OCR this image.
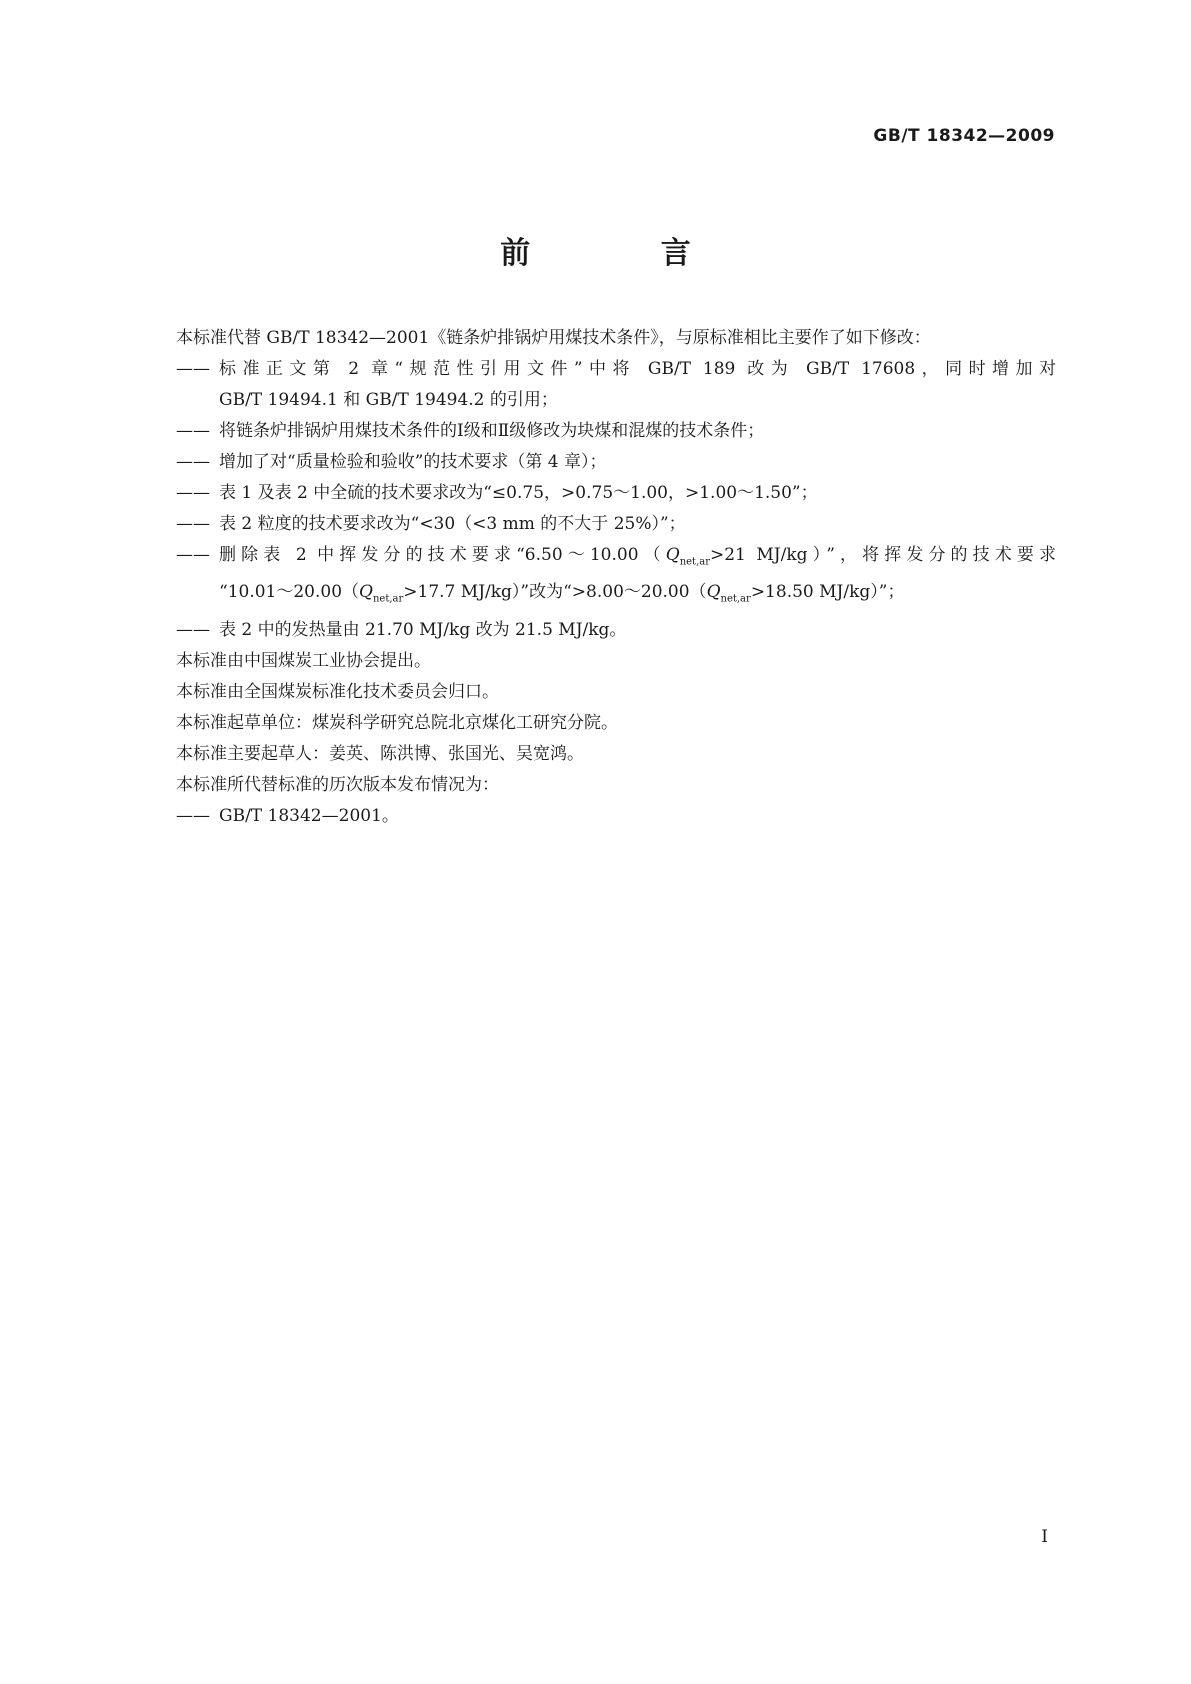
GB/T 18342—2009
前 言
本标准代替 GB/T 18342—2001《链条炉排锅炉用煤技术条件》，与原标准相比主要作了如下修改：
—— 标准正文第 2 章“规范性引用文件”中将 GB/T 189 改为 GB/T 17608，同时增加对
GB/T 19494.1 和 GB/T 19494.2 的引用；
—— 将链条炉排锅炉用煤技术条件的Ⅰ级和Ⅱ级修改为块煤和混煤的技术条件；
—— 增加了对“质量检验和验收”的技术要求（第 4 章）；
—— 表 1 及表 2 中全硫的技术要求改为“≤0.75，>0.75～1.00，>1.00～1.50”；
—— 表 2 粒度的技术要求改为“<30（<3 mm 的不大于 25%）”；
—— 删除表 2 中挥发分的技术要求“$6.50\sim 10.00(Q_{net,ar}>21$ MJ/kg）”，将挥发分的技术要求
“$10.01\sim 20.00(Q_{net,ar}>17.7$ MJ/kg）”改为“$>8.00\sim 20.00(Q_{net,ar}>18.50$ MJ/kg）”；
—— 表 2 中的发热量由 21.70 MJ/kg 改为 21.5 MJ/kg。
本标准由中国煤炭工业协会提出。
本标准由全国煤炭标准化技术委员会归口。
本标准起草单位：煤炭科学研究总院北京煤化工研究分院。
本标准主要起草人：姜英、陈洪博、张国光、吴宽鸿。
本标准所代替标准的历次版本发布情况为：
—— GB/T 18342—2001。
Ⅰ
